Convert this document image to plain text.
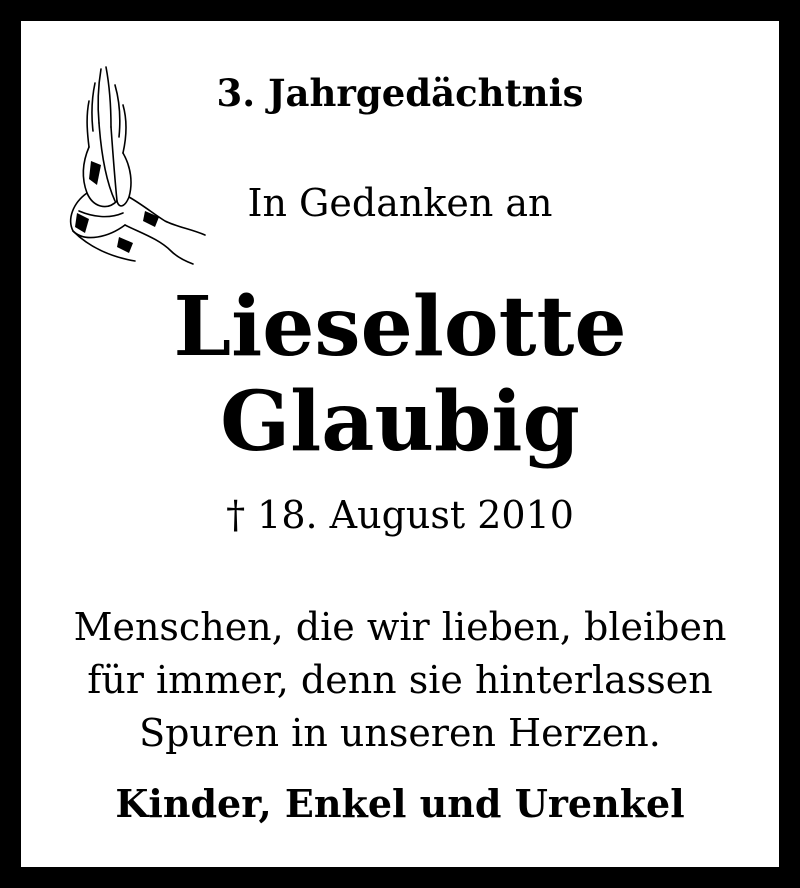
3. Jahrgedächtnis
In Gedanken an
Lieselotte
Glaubig
† 18. August 2010
Menschen, die wir lieben, bleiben
für immer, denn sie hinterlassen
Spuren in unseren Herzen.
Kinder, Enkel und Urenkel
